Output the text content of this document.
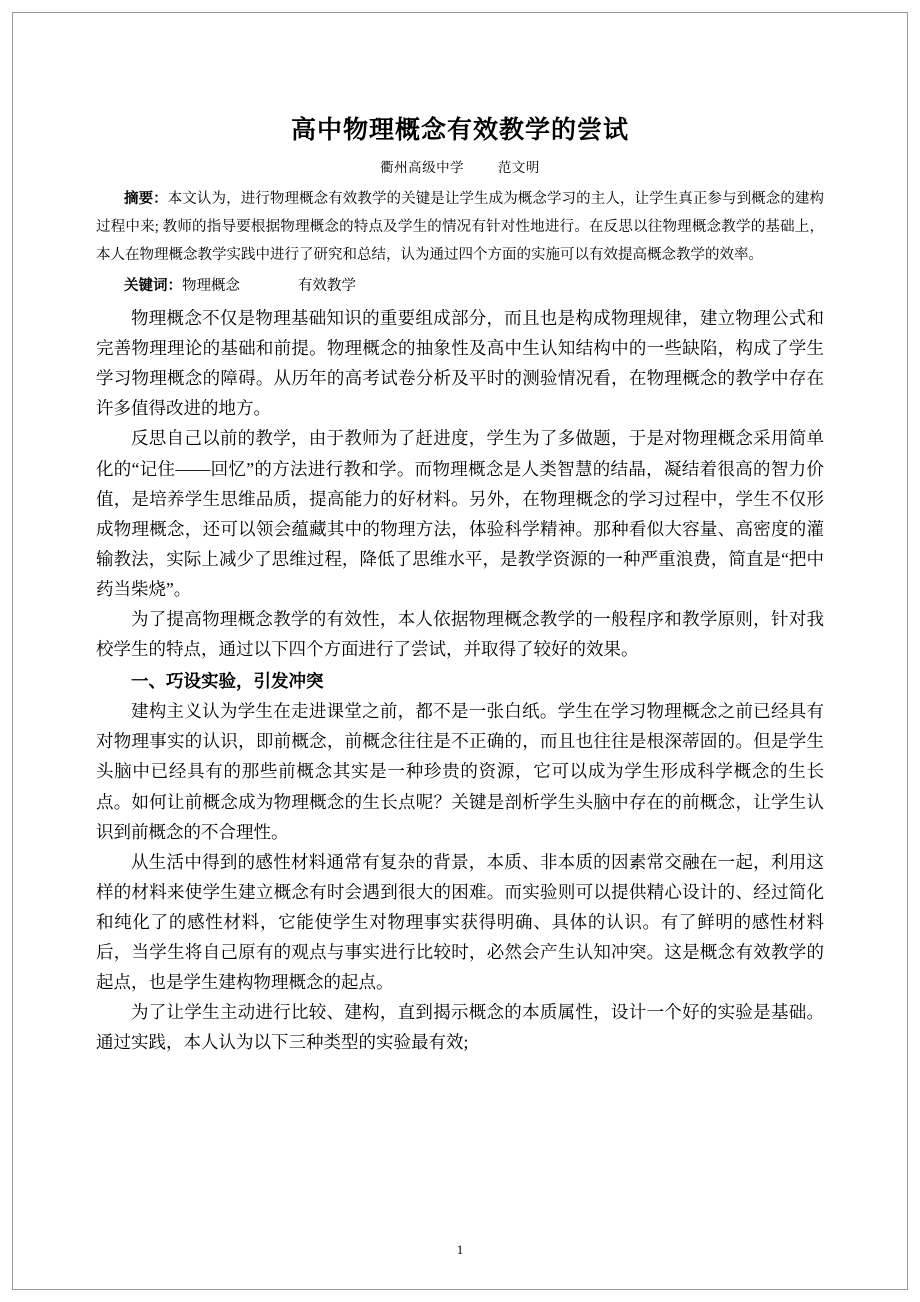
高中物理概念有效教学的尝试
衢州高级中学	范文明
摘要：本文认为，进行物理概念有效教学的关键是让学生成为概念学习的主人，让学生真正参与到概念的建构过程中来; 教师的指导要根据物理概念的特点及学生的情况有针对性地进行。在反思以往物理概念教学的基础上，本人在物理概念教学实践中进行了研究和总结，认为通过四个方面的实施可以有效提高概念教学的效率。
关键词：物理概念	有效教学

物理概念不仅是物理基础知识的重要组成部分，而且也是构成物理规律，建立物理公式和完善物理理论的基础和前提。物理概念的抽象性及高中生认知结构中的一些缺陷，构成了学生学习物理概念的障碍。从历年的高考试卷分析及平时的测验情况看，在物理概念的教学中存在许多值得改进的地方。

反思自己以前的教学，由于教师为了赶进度，学生为了多做题，于是对物理概念采用简单化的“记住——回忆”的方法进行教和学。而物理概念是人类智慧的结晶，凝结着很高的智力价值，是培养学生思维品质，提高能力的好材料。另外，在物理概念的学习过程中，学生不仅形成物理概念，还可以领会蕴藏其中的物理方法，体验科学精神。那种看似大容量、高密度的灌输教法，实际上减少了思维过程，降低了思维水平，是教学资源的一种严重浪费，简直是“把中药当柴烧”。

为了提高物理概念教学的有效性，本人依据物理概念教学的一般程序和教学原则，针对我校学生的特点，通过以下四个方面进行了尝试，并取得了较好的效果。

一、巧设实验，引发冲突

建构主义认为学生在走进课堂之前，都不是一张白纸。学生在学习物理概念之前已经具有对物理事实的认识，即前概念，前概念往往是不正确的，而且也往往是根深蒂固的。但是学生头脑中已经具有的那些前概念其实是一种珍贵的资源，它可以成为学生形成科学概念的生长点。如何让前概念成为物理概念的生长点呢？关键是剖析学生头脑中存在的前概念，让学生认识到前概念的不合理性。

从生活中得到的感性材料通常有复杂的背景，本质、非本质的因素常交融在一起，利用这样的材料来使学生建立概念有时会遇到很大的困难。而实验则可以提供精心设计的、经过简化和纯化了的感性材料，它能使学生对物理事实获得明确、具体的认识。有了鲜明的感性材料后，当学生将自己原有的观点与事实进行比较时，必然会产生认知冲突。这是概念有效教学的起点，也是学生建构物理概念的起点。

为了让学生主动进行比较、建构，直到揭示概念的本质属性，设计一个好的实验是基础。通过实践，本人认为以下三种类型的实验最有效;

1
